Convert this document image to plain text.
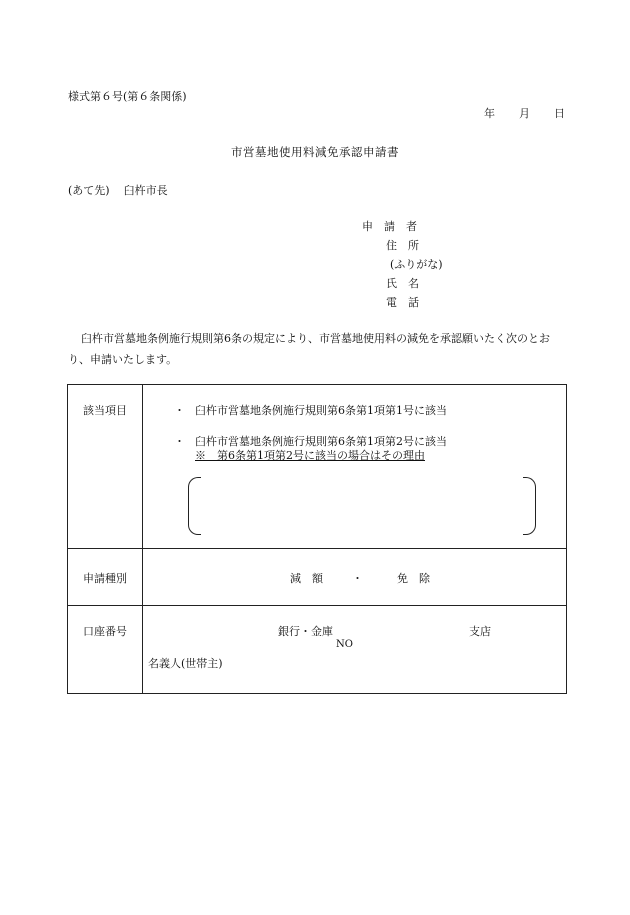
様式第６号(第６条関係)
年 月 日
市営墓地使用料減免承認申請書
(あて先) 臼杵市長
申　請　者
住　所
(ふりがな)
氏　名
電　話
臼杵市営墓地条例施行規則第6条の規定により、市営墓地使用料の減免を承認願いたく次のとおり、申請いたします。
該当項目	・ 臼杵市営墓地条例施行規則第6条第1項第1号に該当
・ 臼杵市営墓地条例施行規則第6条第1項第2号に該当
※　第6条第1項第2号に該当の場合はその理由
申請種別	減　額	・	免　除
口座番号	銀行・金庫	支店
NO
名義人(世帯主)
